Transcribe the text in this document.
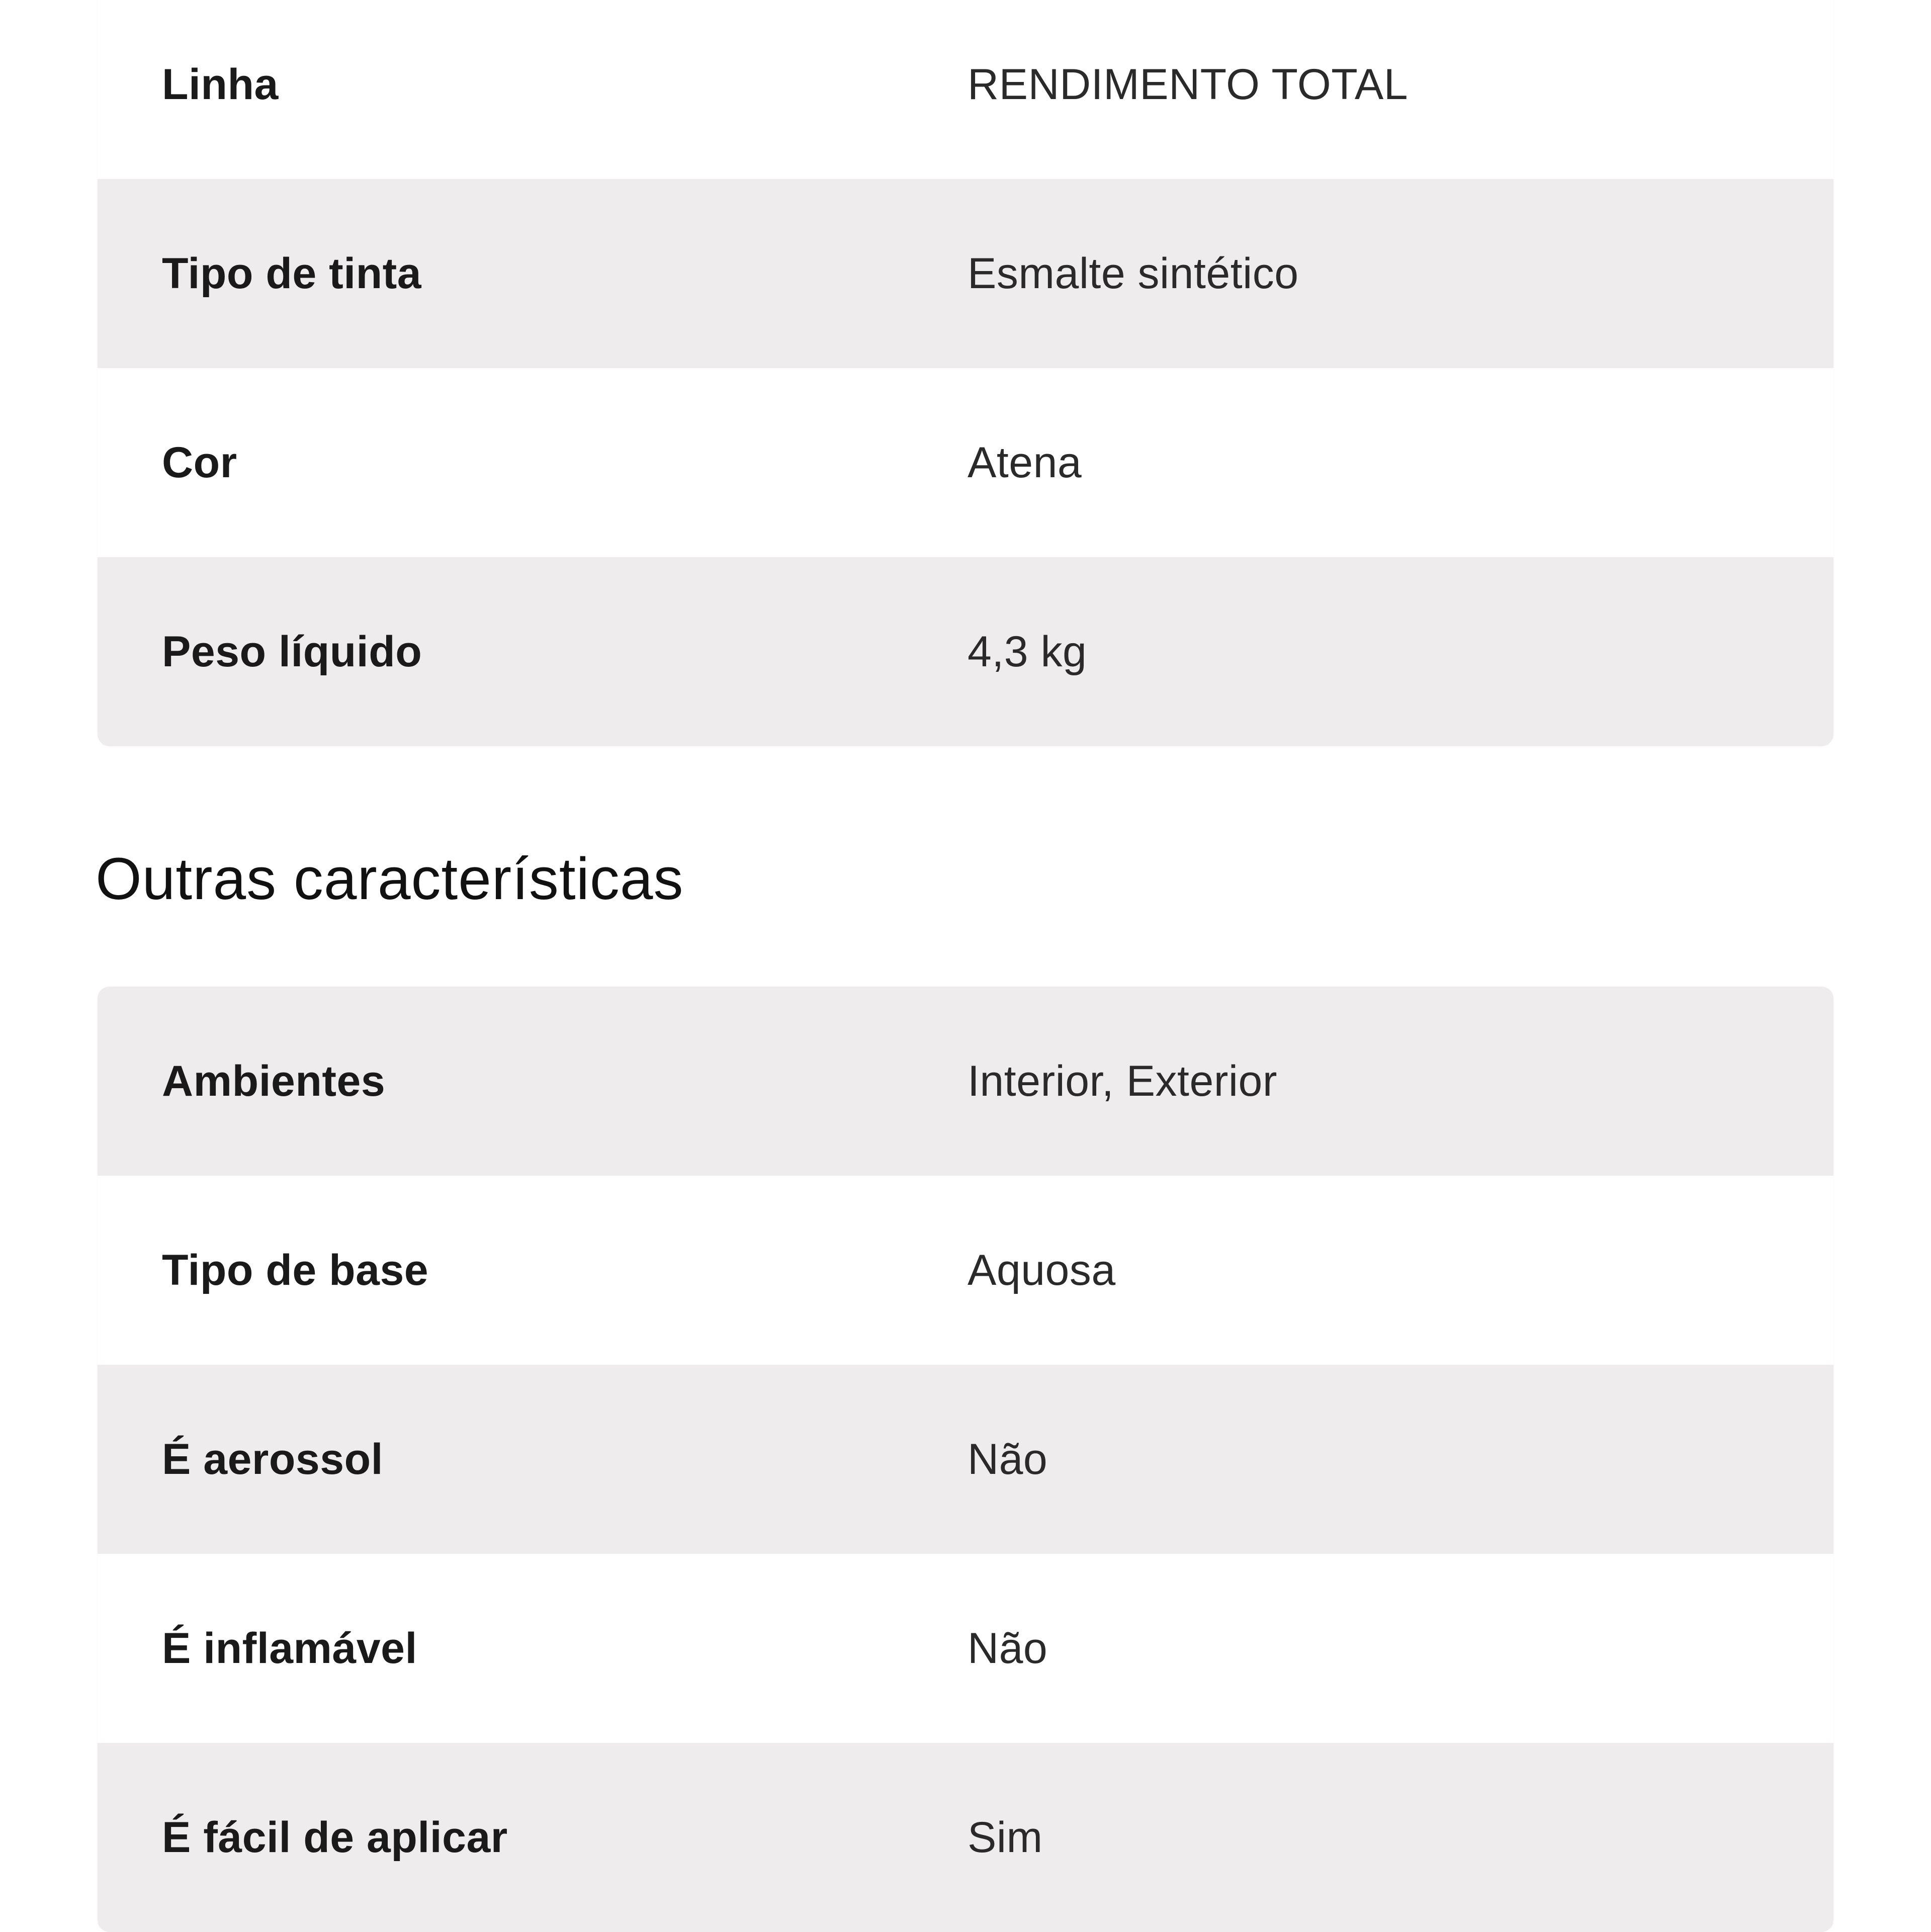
Linha	RENDIMENTO TOTAL
Tipo de tinta	Esmalte sintético
Cor	Atena
Peso líquido	4,3 kg
Outras características
Ambientes	Interior, Exterior
Tipo de base	Aquosa
É aerossol	Não
É inflamável	Não
É fácil de aplicar	Sim
